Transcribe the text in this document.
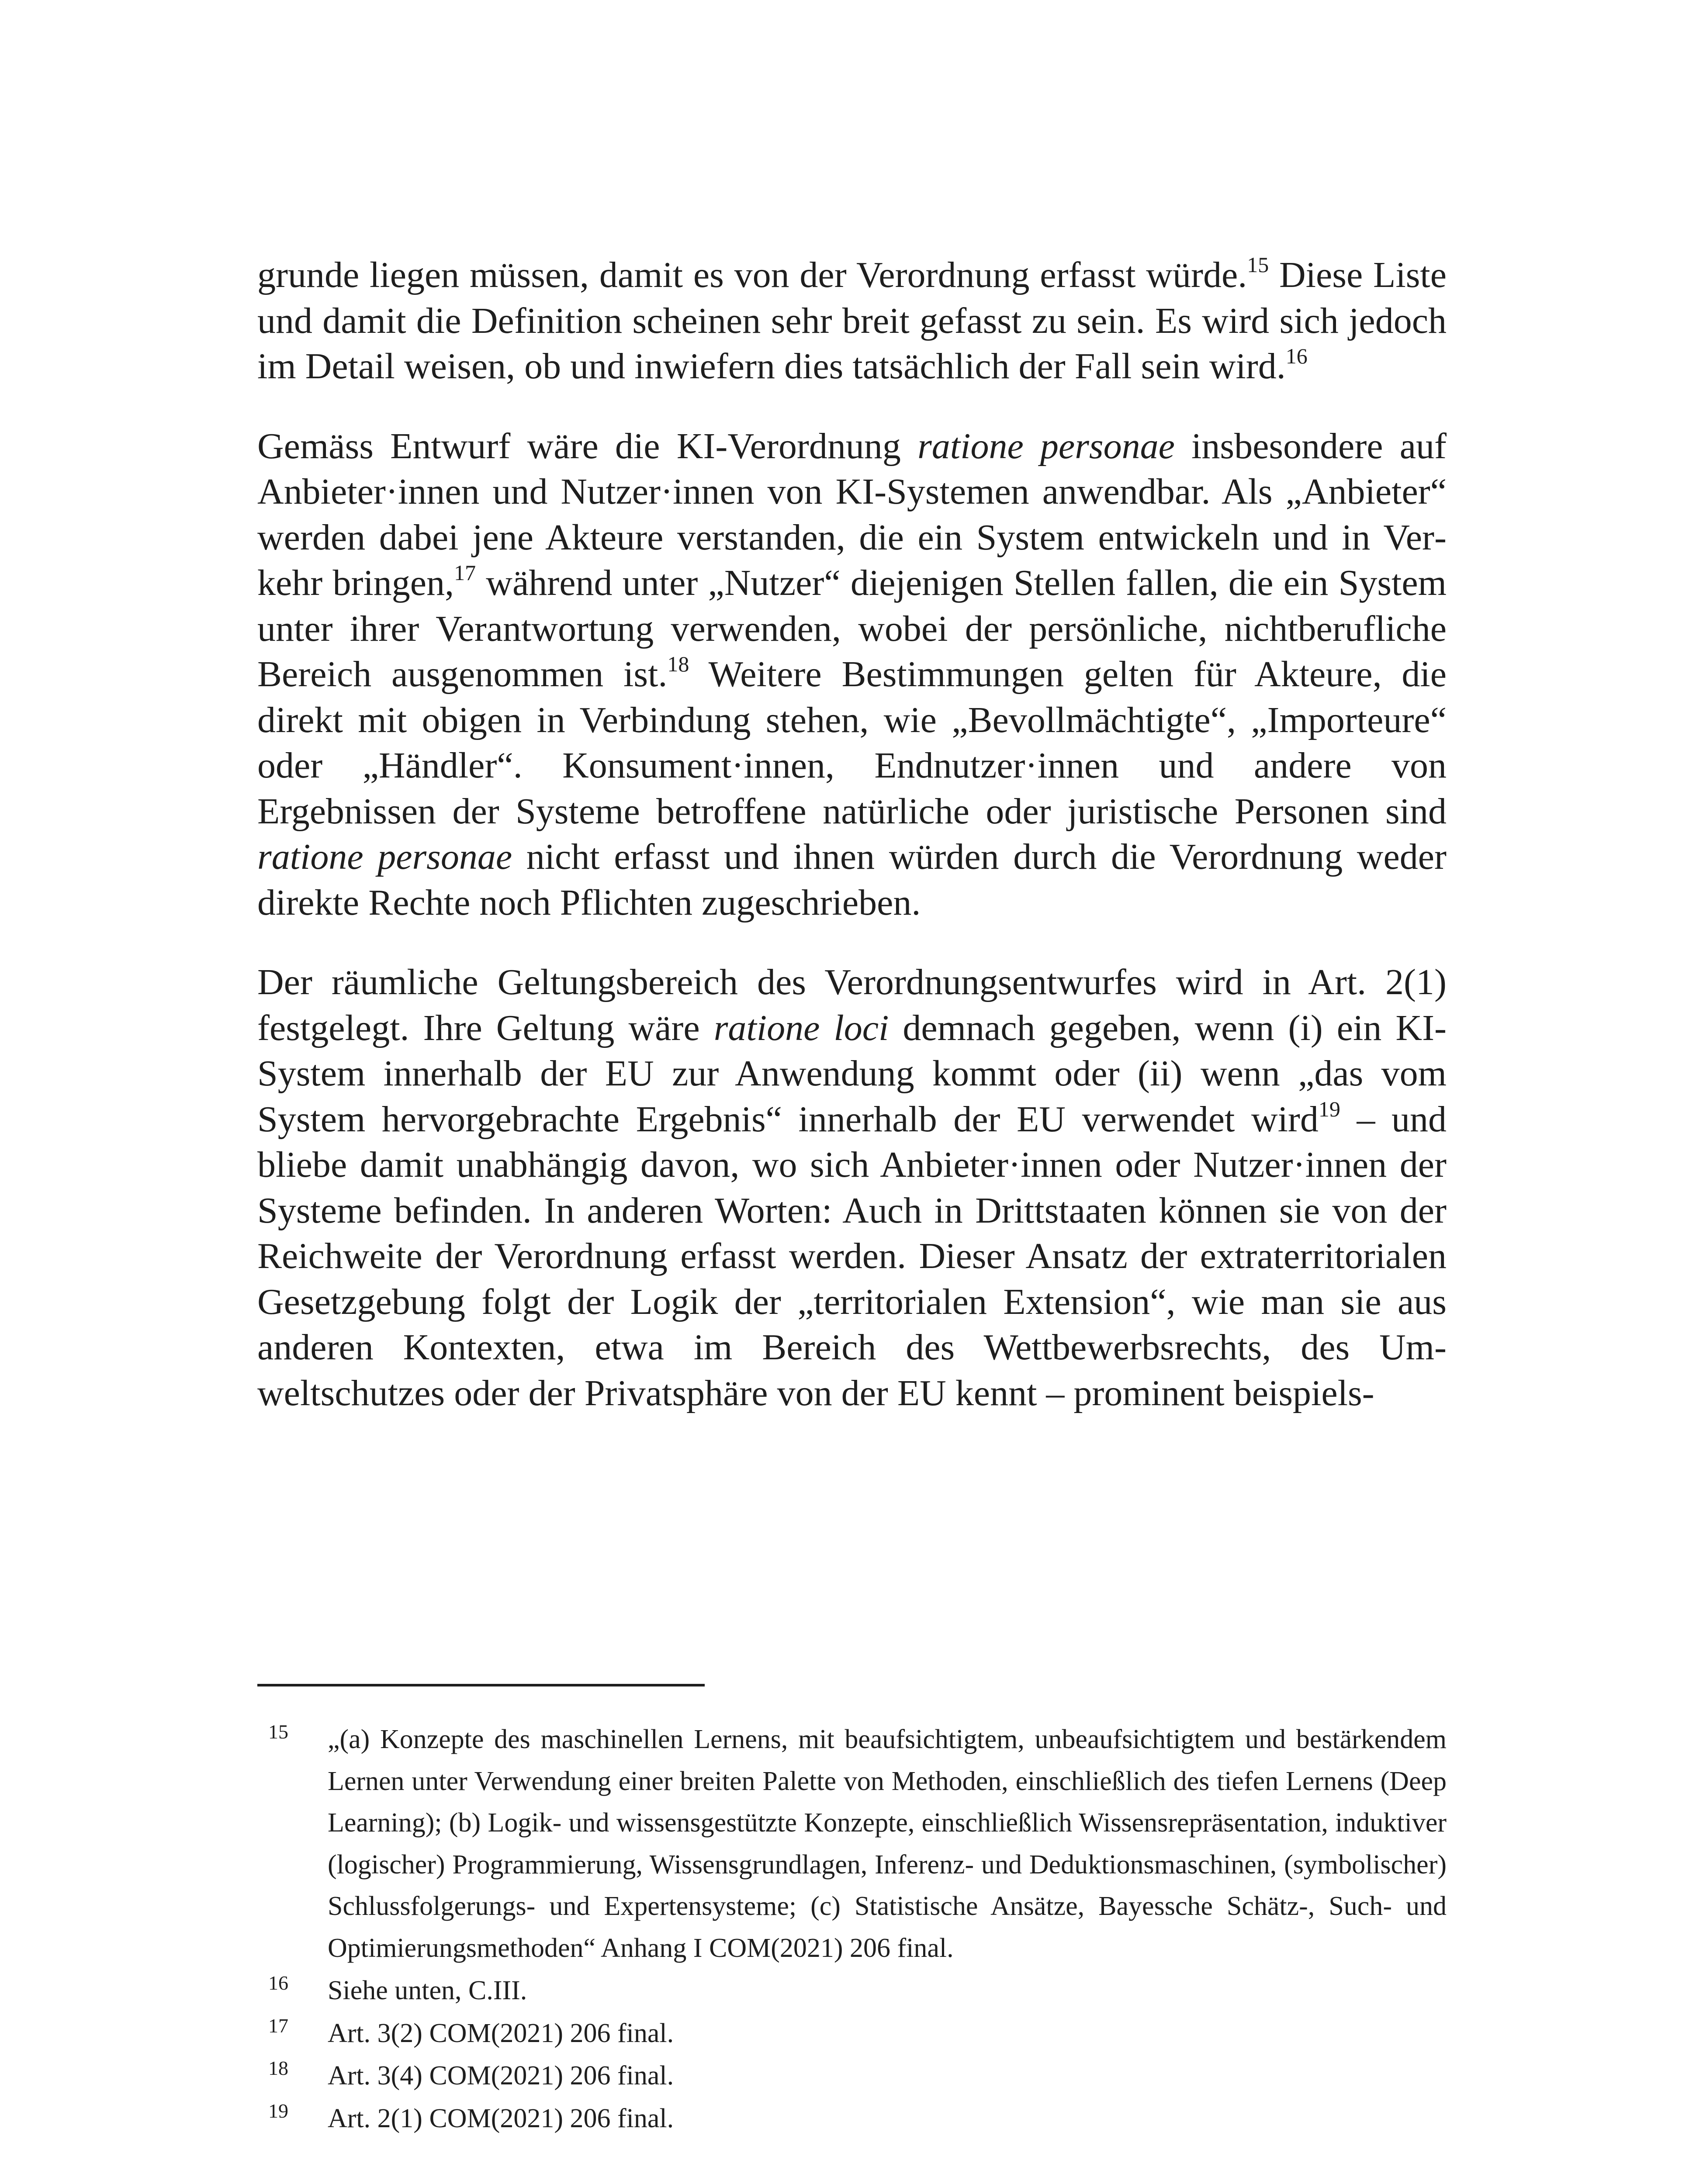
grunde liegen müssen, damit es von der Verordnung erfasst würde.$^{15}$ Diese Liste und damit die Definition scheinen sehr breit gefasst zu sein. Es wird sich jedoch im Detail weisen, ob und inwiefern dies tatsächlich der Fall sein wird.$^{16}$

Gemäss Entwurf wäre die KI-Verordnung ratione personae insbesondere auf Anbieter·innen und Nutzer·innen von KI-Systemen anwendbar. Als „Anbieter“ werden dabei jene Akteure verstanden, die ein System entwickeln und in Verkehr bringen,$^{17}$ während unter „Nutzer“ diejenigen Stellen fallen, die ein System unter ihrer Verantwortung verwenden, wobei der persönliche, nichtberufliche Bereich ausgenommen ist.$^{18}$ Weitere Bestimmungen gelten für Akteure, die direkt mit obigen in Verbindung stehen, wie „Bevollmächtigte“, „Importeure“ oder „Händler“. Konsument·innen, Endnutzer·innen und andere von Ergebnissen der Systeme betroffene natürliche oder juristische Personen sind ratione personae nicht erfasst und ihnen würden durch die Verordnung weder direkte Rechte noch Pflichten zugeschrieben.

Der räumliche Geltungsbereich des Verordnungsentwurfes wird in Art. 2(1) festgelegt. Ihre Geltung wäre ratione loci demnach gegeben, wenn (i) ein KI-System innerhalb der EU zur Anwendung kommt oder (ii) wenn „das vom System hervorgebrachte Ergebnis“ innerhalb der EU verwendet wird$^{19}$ – und bliebe damit unabhängig davon, wo sich Anbieter·innen oder Nutzer·innen der Systeme befinden. In anderen Worten: Auch in Drittstaaten können sie von der Reichweite der Verordnung erfasst werden. Dieser Ansatz der extraterritorialen Gesetzgebung folgt der Logik der „territorialen Extension“, wie man sie aus anderen Kontexten, etwa im Bereich des Wettbewerbsrechts, des Umweltschutzes oder der Privatsphäre von der EU kennt – prominent beispiels-

15 „(a) Konzepte des maschinellen Lernens, mit beaufsichtigtem, unbeaufsichtigtem und bestärkendem Lernen unter Verwendung einer breiten Palette von Methoden, einschließlich des tiefen Lernens (Deep Learning); (b) Logik- und wissensgestützte Konzepte, einschließlich Wissensrepräsentation, induktiver (logischer) Programmierung, Wissensgrundlagen, Inferenz- und Deduktionsmaschinen, (symbolischer) Schlussfolgerungs- und Expertensysteme; (c) Statistische Ansätze, Bayessche Schätz-, Such- und Optimierungsmethoden“ Anhang I COM(2021) 206 final.
16 Siehe unten, C.III.
17 Art. 3(2) COM(2021) 206 final.
18 Art. 3(4) COM(2021) 206 final.
19 Art. 2(1) COM(2021) 206 final.
